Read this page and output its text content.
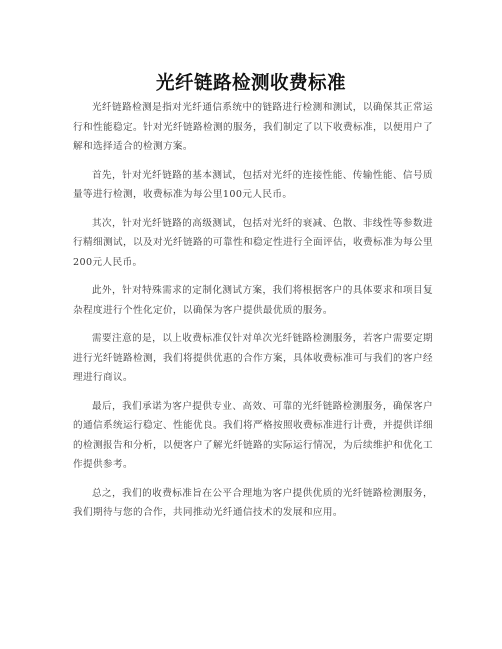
光纤链路检测收费标准

光纤链路检测是指对光纤通信系统中的链路进行检测和测试，以确保其正常运行和性能稳定。针对光纤链路检测的服务，我们制定了以下收费标准，以便用户了解和选择适合的检测方案。

首先，针对光纤链路的基本测试，包括对光纤的连接性能、传输性能、信号质量等进行检测，收费标准为每公里100元人民币。

其次，针对光纤链路的高级测试，包括对光纤的衰减、色散、非线性等参数进行精细测试，以及对光纤链路的可靠性和稳定性进行全面评估，收费标准为每公里200元人民币。

此外，针对特殊需求的定制化测试方案，我们将根据客户的具体要求和项目复杂程度进行个性化定价，以确保为客户提供最优质的服务。

需要注意的是，以上收费标准仅针对单次光纤链路检测服务，若客户需要定期进行光纤链路检测，我们将提供优惠的合作方案，具体收费标准可与我们的客户经理进行商议。

最后，我们承诺为客户提供专业、高效、可靠的光纤链路检测服务，确保客户的通信系统运行稳定、性能优良。我们将严格按照收费标准进行计费，并提供详细的检测报告和分析，以便客户了解光纤链路的实际运行情况，为后续维护和优化工作提供参考。

总之，我们的收费标准旨在公平合理地为客户提供优质的光纤链路检测服务，我们期待与您的合作，共同推动光纤通信技术的发展和应用。
